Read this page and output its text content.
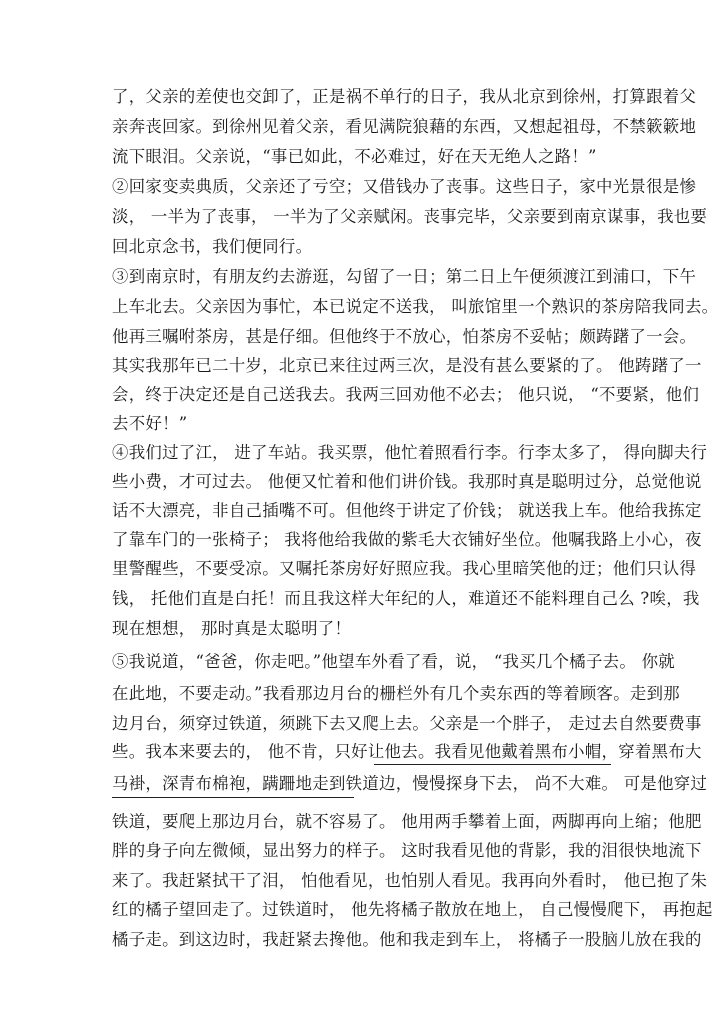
了，父亲的差使也交卸了，正是祸不单行的日子，我从北京到徐州，打算跟着父
亲奔丧回家。到徐州见着父亲，看见满院狼藉的东西，又想起祖母，不禁簌簌地
流下眼泪。父亲说，“事已如此，不必难过，好在天无绝人之路！”
②回家变卖典质，父亲还了亏空；又借钱办了丧事。这些日子，家中光景很是惨
淡， 一半为了丧事， 一半为了父亲赋闲。丧事完毕，父亲要到南京谋事，我也要
回北京念书，我们便同行。
③到南京时，有朋友约去游逛，勾留了一日；第二日上午便须渡江到浦口，下午
上车北去。父亲因为事忙，本已说定不送我， 叫旅馆里一个熟识的茶房陪我同去。
他再三嘱咐茶房，甚是仔细。但他终于不放心，怕茶房不妥帖；颇踌躇了一会。
其实我那年已二十岁，北京已来往过两三次，是没有甚么要紧的了。 他踌躇了一
会，终于决定还是自己送我去。我两三回劝他不必去； 他只说， “不要紧，他们
去不好！”
④我们过了江， 进了车站。我买票，他忙着照看行李。行李太多了， 得向脚夫行
些小费，才可过去。 他便又忙着和他们讲价钱。我那时真是聪明过分，总觉他说
话不大漂亮，非自己插嘴不可。但他终于讲定了价钱； 就送我上车。他给我拣定
了靠车门的一张椅子； 我将他给我做的紫毛大衣铺好坐位。他嘱我路上小心，夜
里警醒些，不要受凉。又嘱托茶房好好照应我。我心里暗笑他的迂；他们只认得
钱， 托他们直是白托！而且我这样大年纪的人，难道还不能料理自己么 ?唉，我
现在想想， 那时真是太聪明了！
⑤我说道，“爸爸，你走吧。”他望车外看了看，说， “我买几个橘子去。 你就
在此地，不要走动。”我看那边月台的栅栏外有几个卖东西的等着顾客。走到那
边月台，须穿过铁道，须跳下去又爬上去。父亲是一个胖子， 走过去自然要费事
些。我本来要去的， 他不肯，只好让他去。我看见他戴着黑布小帽，穿着黑布大
马褂，深青布棉袍，蹒跚地走到铁道边，慢慢探身下去， 尚不大难。 可是他穿过
铁道，要爬上那边月台，就不容易了。 他用两手攀着上面，两脚再向上缩；他肥
胖的身子向左微倾，显出努力的样子。 这时我看见他的背影，我的泪很快地流下
来了。我赶紧拭干了泪， 怕他看见，也怕别人看见。我再向外看时， 他已抱了朱
红的橘子望回走了。过铁道时， 他先将橘子散放在地上， 自己慢慢爬下， 再抱起
橘子走。到这边时，我赶紧去搀他。他和我走到车上， 将橘子一股脑儿放在我的
